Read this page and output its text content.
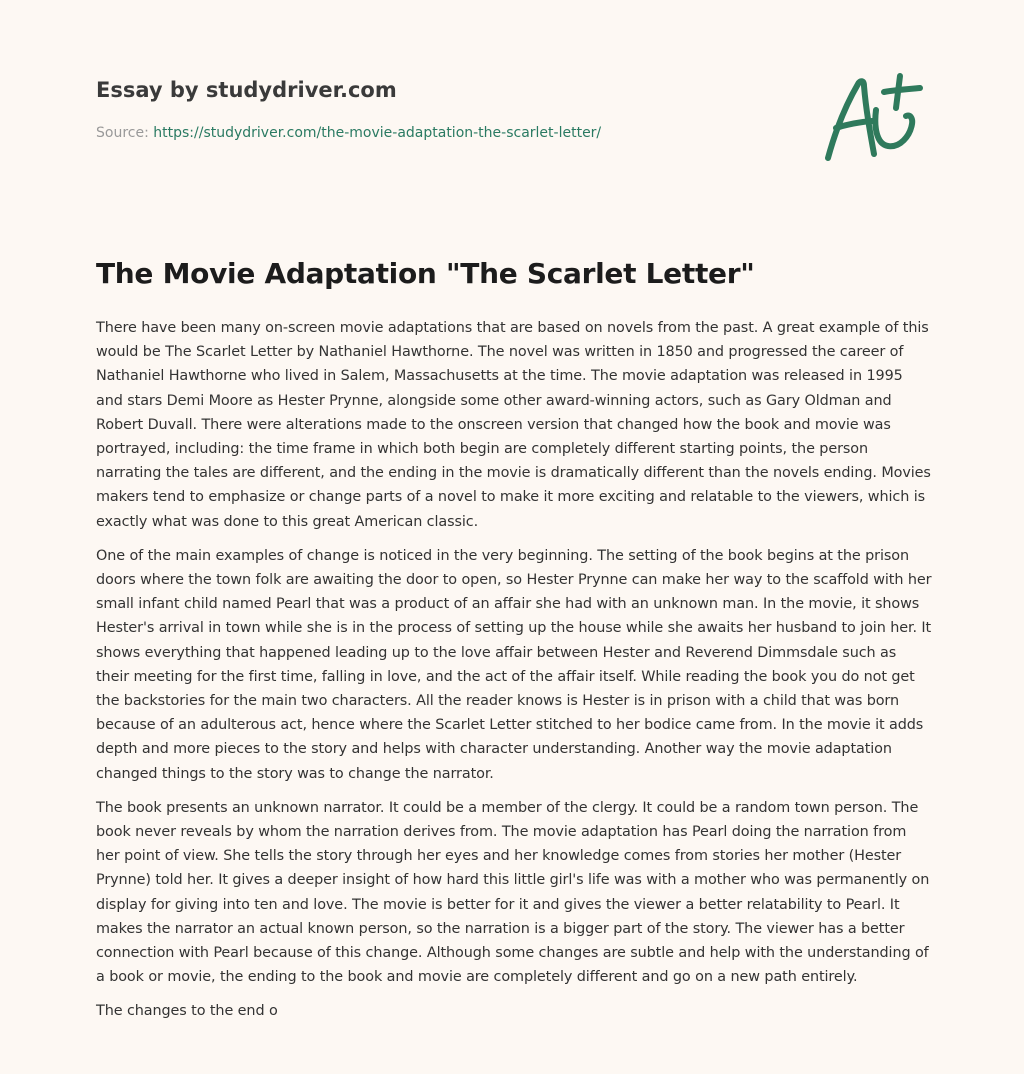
Essay by studydriver.com

Source: https://studydriver.com/the-movie-adaptation-the-scarlet-letter/
The Movie Adaptation "The Scarlet Letter"

There have been many on-screen movie adaptations that are based on novels from the past. A great example of this would be The Scarlet Letter by Nathaniel Hawthorne. The novel was written in 1850 and progressed the career of Nathaniel Hawthorne who lived in Salem, Massachusetts at the time. The movie adaptation was released in 1995 and stars Demi Moore as Hester Prynne, alongside some other award-winning actors, such as Gary Oldman and Robert Duvall. There were alterations made to the onscreen version that changed how the book and movie was portrayed, including: the time frame in which both begin are completely different starting points, the person narrating the tales are different, and the ending in the movie is dramatically different than the novels ending. Movies makers tend to emphasize or change parts of a novel to make it more exciting and relatable to the viewers, which is exactly what was done to this great American classic.

One of the main examples of change is noticed in the very beginning. The setting of the book begins at the prison doors where the town folk are awaiting the door to open, so Hester Prynne can make her way to the scaffold with her small infant child named Pearl that was a product of an affair she had with an unknown man. In the movie, it shows Hester's arrival in town while she is in the process of setting up the house while she awaits her husband to join her. It shows everything that happened leading up to the love affair between Hester and Reverend Dimmsdale such as their meeting for the first time, falling in love, and the act of the affair itself. While reading the book you do not get the backstories for the main two characters. All the reader knows is Hester is in prison with a child that was born because of an adulterous act, hence where the Scarlet Letter stitched to her bodice came from. In the movie it adds depth and more pieces to the story and helps with character understanding. Another way the movie adaptation changed things to the story was to change the narrator.

The book presents an unknown narrator. It could be a member of the clergy. It could be a random town person. The book never reveals by whom the narration derives from. The movie adaptation has Pearl doing the narration from her point of view. She tells the story through her eyes and her knowledge comes from stories her mother (Hester Prynne) told her. It gives a deeper insight of how hard this little girl's life was with a mother who was permanently on display for giving into ten and love. The movie is better for it and gives the viewer a better relatability to Pearl. It makes the narrator an actual known person, so the narration is a bigger part of the story. The viewer has a better connection with Pearl because of this change. Although some changes are subtle and help with the understanding of a book or movie, the ending to the book and movie are completely different and go on a new path entirely.

The changes to the end o
